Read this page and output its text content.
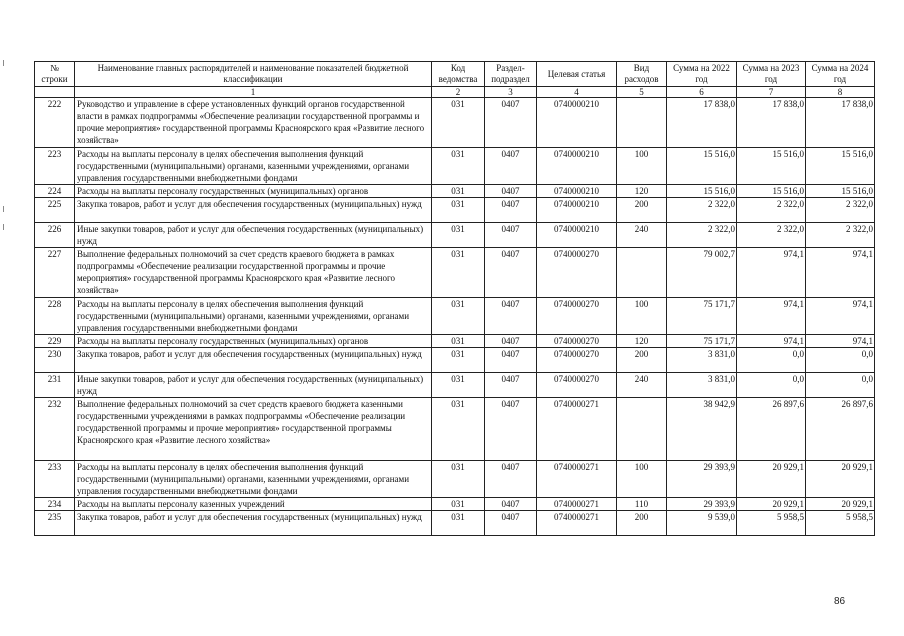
№ строки	Наименование главных распорядителей и наименование показателей бюджетной классификации	Код ведомства	Раздел-подраздел	Целевая статья	Вид расходов	Сумма на 2022 год	Сумма на 2023 год	Сумма на 2024 год
	1	2	3	4	5	6	7	8
222	Руководство и управление в сфере установленных функций органов государственной власти в рамках подпрограммы «Обеспечение реализации государственной программы и прочие мероприятия» государственной программы Красноярского края «Развитие лесного хозяйства»	031	0407	0740000210		17 838,0	17 838,0	17 838,0
223	Расходы на выплаты персоналу в целях обеспечения выполнения функций государственными (муниципальными) органами, казенными учреждениями, органами управления государственными внебюджетными фондами	031	0407	0740000210	100	15 516,0	15 516,0	15 516,0
224	Расходы на выплаты персоналу государственных (муниципальных) органов	031	0407	0740000210	120	15 516,0	15 516,0	15 516,0
225	Закупка товаров, работ и услуг для обеспечения государственных (муниципальных) нужд	031	0407	0740000210	200	2 322,0	2 322,0	2 322,0
226	Иные закупки товаров, работ и услуг для обеспечения государственных (муниципальных) нужд	031	0407	0740000210	240	2 322,0	2 322,0	2 322,0
227	Выполнение федеральных полномочий за счет средств краевого бюджета в рамках подпрограммы «Обеспечение реализации государственной программы и прочие мероприятия» государственной программы Красноярского края «Развитие лесного хозяйства»	031	0407	0740000270		79 002,7	974,1	974,1
228	Расходы на выплаты персоналу в целях обеспечения выполнения функций государственными (муниципальными) органами, казенными учреждениями, органами управления государственными внебюджетными фондами	031	0407	0740000270	100	75 171,7	974,1	974,1
229	Расходы на выплаты персоналу государственных (муниципальных) органов	031	0407	0740000270	120	75 171,7	974,1	974,1
230	Закупка товаров, работ и услуг для обеспечения государственных (муниципальных) нужд	031	0407	0740000270	200	3 831,0	0,0	0,0
231	Иные закупки товаров, работ и услуг для обеспечения государственных (муниципальных) нужд	031	0407	0740000270	240	3 831,0	0,0	0,0
232	Выполнение федеральных полномочий за счет средств краевого бюджета казенными государственными учреждениями в рамках подпрограммы «Обеспечение реализации государственной программы и прочие мероприятия» государственной программы Красноярского края «Развитие лесного хозяйства»	031	0407	0740000271		38 942,9	26 897,6	26 897,6
233	Расходы на выплаты персоналу в целях обеспечения выполнения функций государственными (муниципальными) органами, казенными учреждениями, органами управления государственными внебюджетными фондами	031	0407	0740000271	100	29 393,9	20 929,1	20 929,1
234	Расходы на выплаты персоналу казенных учреждений	031	0407	0740000271	110	29 393,9	20 929,1	20 929,1
235	Закупка товаров, работ и услуг для обеспечения государственных (муниципальных) нужд	031	0407	0740000271	200	9 539,0	5 958,5	5 958,5
86
